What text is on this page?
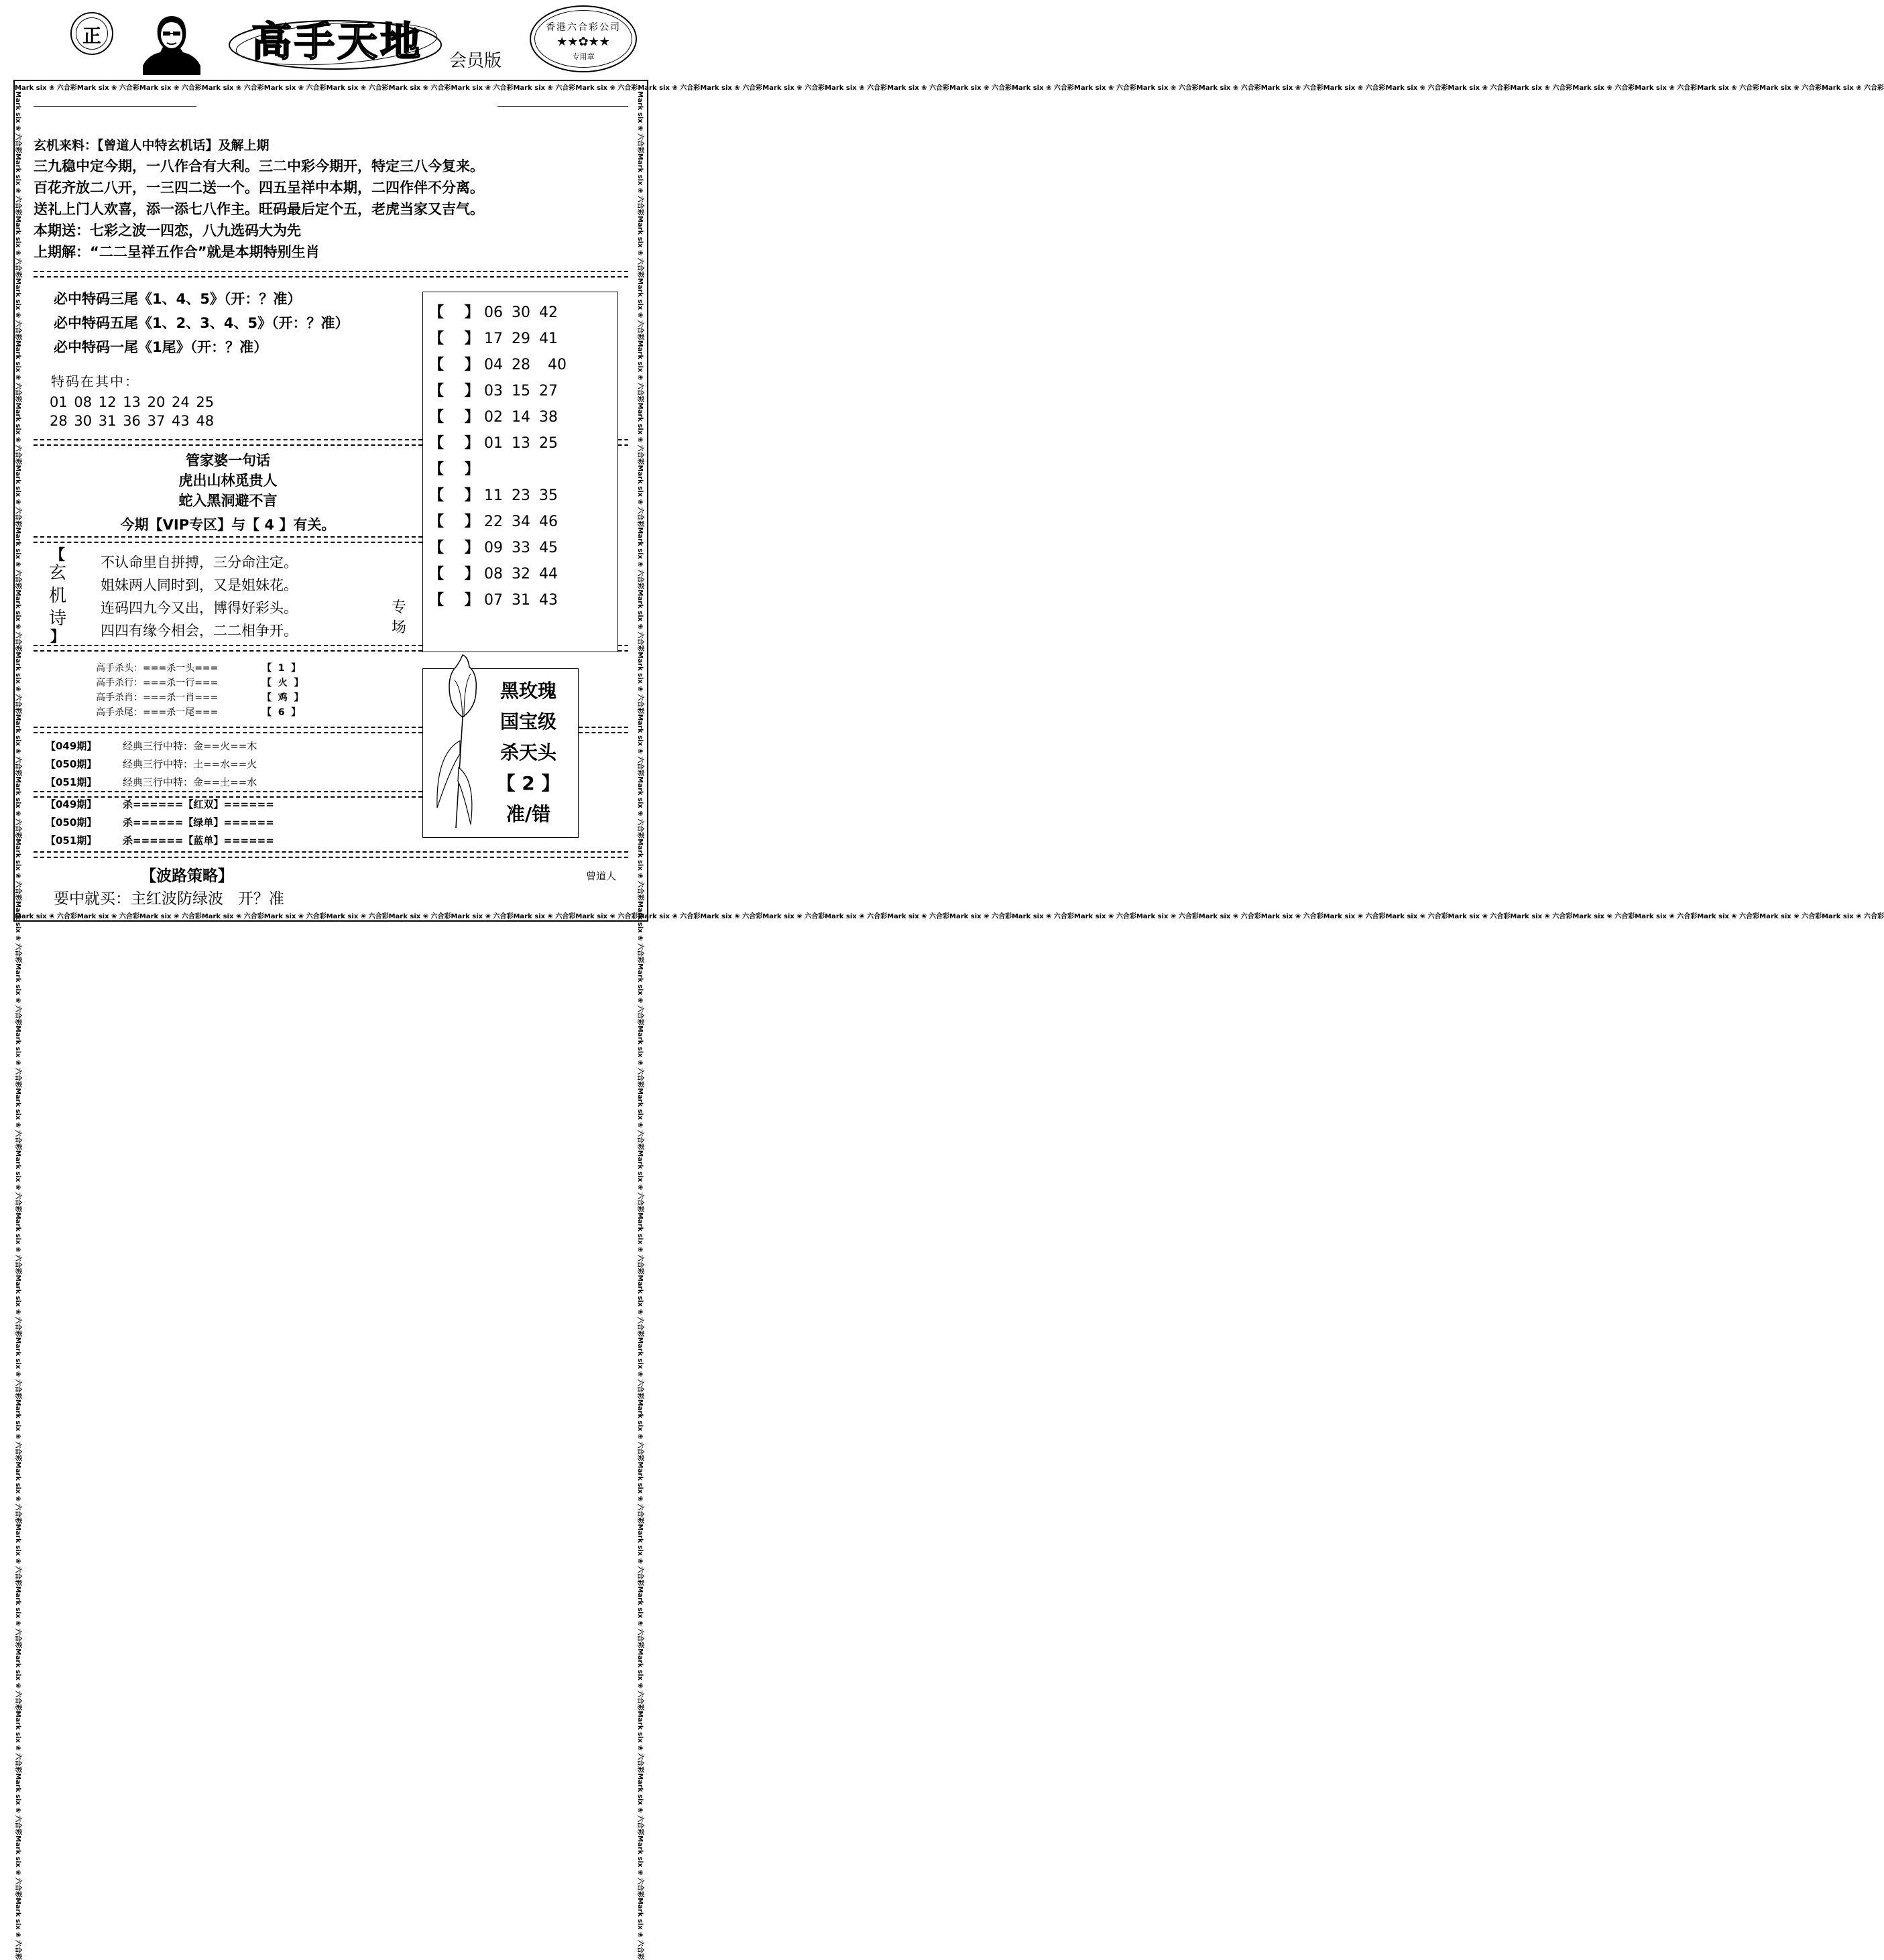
正	高手天地 会员版
香港六合彩公司
★★✿★★
专用章
Mark six ❀ 六合彩Mark six ❀ 六合彩Mark six ❀ 六合彩Mark six ❀ 六合彩Mark six ❀ 六合彩Mark six ❀ 六合彩Mark six ❀ 六合彩Mark six ❀ 六合彩Mark six ❀ 六合彩Mark six ❀ 六合彩Mark six ❀ 六合彩Mark six ❀ 六合彩Mark six ❀ 六合彩Mark six ❀ 六合彩Mark six ❀ 六合彩Mark six ❀ 六合彩Mark six ❀ 六合彩Mark six ❀ 六合彩Mark six ❀ 六合彩Mark six ❀ 六合彩Mark six ❀ 六合彩Mark six ❀ 六合彩Mark six ❀ 六合彩Mark six ❀ 六合彩Mark six ❀ 六合彩Mark six ❀ 六合彩Mark six ❀ 六合彩Mark six ❀ 六合彩Mark six ❀ 六合彩Mark six ❀ 六合彩
Mark six ❀ 六合彩Mark six ❀ 六合彩Mark six ❀ 六合彩Mark six ❀ 六合彩Mark six ❀ 六合彩Mark six ❀ 六合彩Mark six ❀ 六合彩Mark six ❀ 六合彩Mark six ❀ 六合彩Mark six ❀ 六合彩Mark six ❀ 六合彩Mark six ❀ 六合彩Mark six ❀ 六合彩Mark six ❀ 六合彩Mark six ❀ 六合彩Mark six ❀ 六合彩Mark six ❀ 六合彩Mark six ❀ 六合彩Mark six ❀ 六合彩Mark six ❀ 六合彩Mark six ❀ 六合彩Mark six ❀ 六合彩Mark six ❀ 六合彩Mark six ❀ 六合彩Mark six ❀ 六合彩Mark six ❀ 六合彩Mark six ❀ 六合彩Mark six ❀ 六合彩Mark six ❀ 六合彩Mark six ❀ 六合彩
Mark six ❀ 六合彩Mark six ❀ 六合彩Mark six ❀ 六合彩Mark six ❀ 六合彩Mark six ❀ 六合彩Mark six ❀ 六合彩Mark six ❀ 六合彩Mark six ❀ 六合彩Mark six ❀ 六合彩Mark six ❀ 六合彩Mark six ❀ 六合彩Mark six ❀ 六合彩Mark six ❀ 六合彩Mark six ❀ 六合彩Mark six ❀ 六合彩Mark six ❀ 六合彩Mark six ❀ 六合彩Mark six ❀ 六合彩Mark six ❀ 六合彩Mark six ❀ 六合彩Mark six ❀ 六合彩Mark six ❀ 六合彩Mark six ❀ 六合彩Mark six ❀ 六合彩Mark six ❀ 六合彩Mark six ❀ 六合彩Mark six ❀ 六合彩Mark six ❀ 六合彩Mark six ❀ 六合彩Mark six ❀ 六合彩	Mark six ❀ 六合彩Mark six ❀ 六合彩Mark six ❀ 六合彩Mark six ❀ 六合彩Mark six ❀ 六合彩Mark six ❀ 六合彩Mark six ❀ 六合彩Mark six ❀ 六合彩Mark six ❀ 六合彩Mark six ❀ 六合彩Mark six ❀ 六合彩Mark six ❀ 六合彩Mark six ❀ 六合彩Mark six ❀ 六合彩Mark six ❀ 六合彩Mark six ❀ 六合彩Mark six ❀ 六合彩Mark six ❀ 六合彩Mark six ❀ 六合彩Mark six ❀ 六合彩Mark six ❀ 六合彩Mark six ❀ 六合彩Mark six ❀ 六合彩Mark six ❀ 六合彩Mark six ❀ 六合彩Mark six ❀ 六合彩Mark six ❀ 六合彩Mark six ❀ 六合彩Mark six ❀ 六合彩Mark six ❀ 六合彩
玄机来料：【曾道人中特玄机话】及解上期
三九稳中定今期，一八作合有大利。三二中彩今期开，特定三八今复来。
百花齐放二八开，一三四二送一个。四五呈祥中本期，二四作伴不分离。
送礼上门人欢喜，添一添七八作主。旺码最后定个五，老虎当家又吉气。
本期送：七彩之波一四恋，八九选码大为先
上期解：“二二呈祥五作合”就是本期特别生肖
必中特码三尾《1、4、5》（开：？准）
必中特码五尾《1、2、3、4、5》（开：？准）
必中特码一尾《1尾》（开：？准）
特码在其中：
01 08 12 13 20 24 25
28 30 31 36 37 43 48
【    】 06 30 42
【    】 17 29 41
【    】 04 28  40
【    】 03 15 27
【    】 02 14 38
【    】 01 13 25
【    】
【    】 11 23 35
【    】 22 34 46
【    】 09 33 45
【    】 08 32 44
【    】 07 31 43
专
场
管家婆一句话
虎出山林觅贵人
蛇入黑洞避不言
今期【VIP专区】与【 4 】有关。
【
玄
机
诗
】
不认命里自拼搏，三分命注定。
姐妹两人同时到，又是姐妹花。
连码四九今又出，博得好彩头。
四四有缘今相会，二二相争开。
高手杀头：===杀一头===	【  1  】
高手杀行：===杀一行===	【  火  】
高手杀肖：===杀一肖===	【  鸡  】
高手杀尾：===杀一尾===	【  6  】
黑玫瑰
国宝级
杀天头
【 2 】
准/错
【049期】	经典三行中特：金==火==木
【050期】	经典三行中特：土==水==火
【051期】	经典三行中特：金==土==水
【049期】	杀======【红双】======
【050期】	杀======【绿单】======
【051期】	杀======【蓝单】======
【波路策略】	曾道人
要中就买：主红波防绿波   开？准
